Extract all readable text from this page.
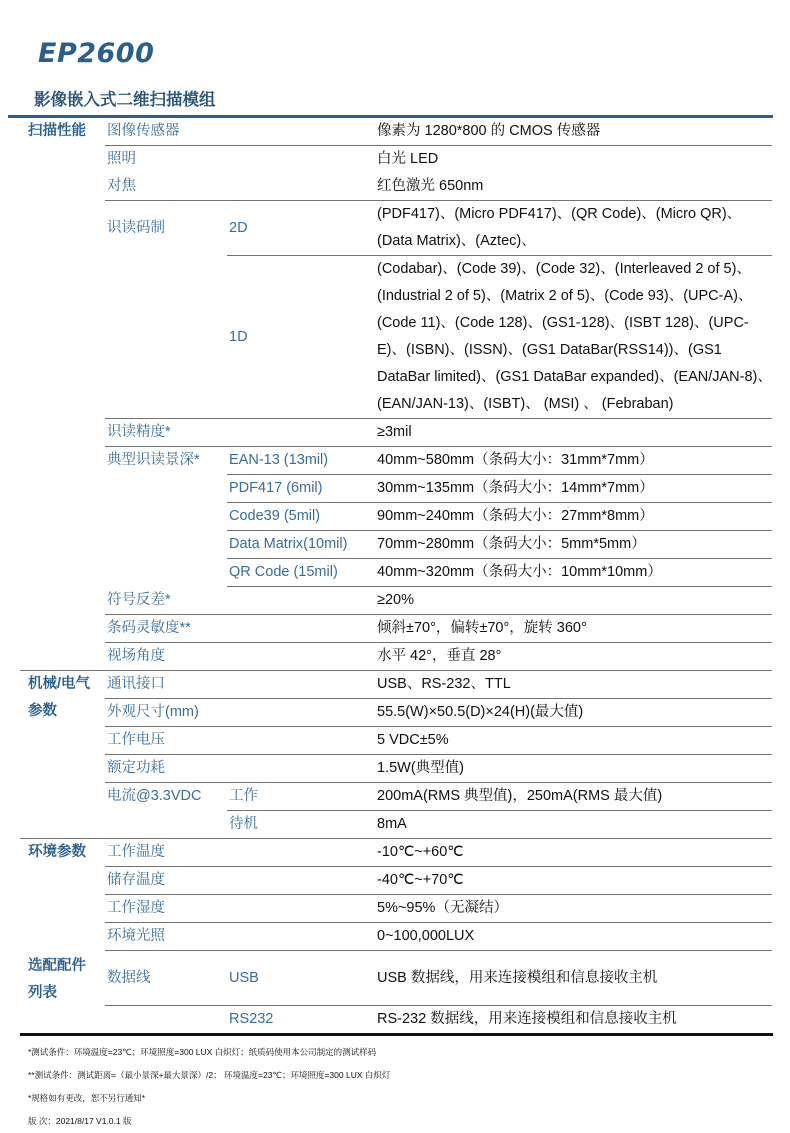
EP2600
影像嵌入式二维扫描模组
扫描性能	图像传感器		像素为 1280*800 的 CMOS 传感器
	照明		白光 LED
	对焦		红色激光 650nm
	识读码制	2D	(PDF417)、(Micro PDF417)、(QR Code)、(Micro QR)、(Data Matrix)、(Aztec)、
		1D	(Codabar)、(Code 39)、(Code 32)、(Interleaved 2 of 5)、(Industrial 2 of 5)、(Matrix 2 of 5)、(Code 93)、(UPC-A)、(Code 11)、(Code 128)、(GS1-128)、(ISBT 128)、(UPC-E)、(ISBN)、(ISSN)、(GS1 DataBar(RSS14))、(GS1 DataBar limited)、(GS1 DataBar expanded)、(EAN/JAN-8)、(EAN/JAN-13)、(ISBT)、 (MSI) 、 (Febraban)
	识读精度*		≥3mil
	典型识读景深*	EAN-13 (13mil)	40mm~580mm（条码大小：31mm*7mm）
		PDF417 (6mil)	30mm~135mm（条码大小：14mm*7mm）
		Code39 (5mil)	90mm~240mm（条码大小：27mm*8mm）
		Data Matrix(10mil)	70mm~280mm（条码大小：5mm*5mm）
		QR Code (15mil)	40mm~320mm（条码大小：10mm*10mm）
	符号反差*		≥20%
	条码灵敏度**		倾斜±70°，偏转±70°，旋转 360°
	视场角度		水平 42°，垂直 28°
机械/电气参数	通讯接口		USB、RS-232、TTL
	外观尺寸(mm)		55.5(W)×50.5(D)×24(H)(最大值)
	工作电压		5 VDC±5%
	额定功耗		1.5W(典型值)
	电流@3.3VDC	工作	200mA(RMS 典型值)，250mA(RMS 最大值)
		待机	8mA
环境参数	工作温度		-10℃~+60℃
	储存温度		-40℃~+70℃
	工作湿度		5%~95%（无凝结）
	环境光照		0~100,000LUX
选配配件列表	数据线	USB	USB 数据线，用来连接模组和信息接收主机
		RS232	RS-232 数据线，用来连接模组和信息接收主机
*测试条件：环境温度=23℃；环境照度=300 LUX 白炽灯；纸质码使用本公司制定的测试样码
**测试条件：测试距离=（最小景深+最大景深）/2； 环境温度=23℃；环境照度=300 LUX 白炽灯
*规格如有更改，恕不另行通知*
版 次：2021/8/17 V1.0.1 版
